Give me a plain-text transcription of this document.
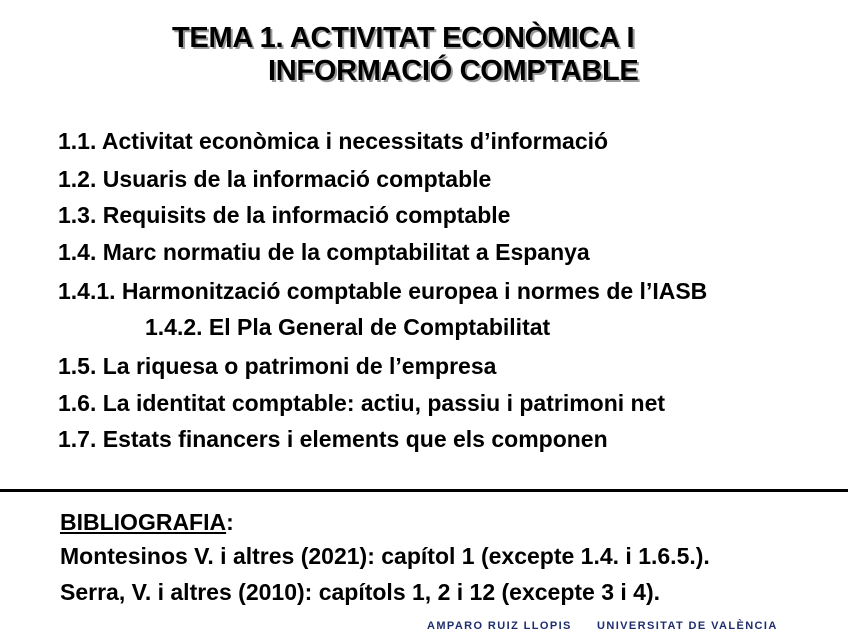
TEMA 1. ACTIVITAT ECONÒMICA I
INFORMACIÓ COMPTABLE
1.1. Activitat econòmica i necessitats d’informació
1.2. Usuaris de la informació comptable
1.3. Requisits de la informació comptable
1.4. Marc normatiu de la comptabilitat a Espanya
1.4.1. Harmonització comptable europea i normes de l’IASB
1.4.2. El Pla General de Comptabilitat
1.5. La riquesa o patrimoni de l’empresa
1.6. La identitat comptable: actiu, passiu i patrimoni net
1.7. Estats financers i elements que els componen
BIBLIOGRAFIA:
Montesinos V. i altres (2021): capítol 1 (excepte 1.4. i 1.6.5.).
Serra, V. i altres (2010): capítols 1, 2 i 12 (excepte 3 i 4).
AMPARO RUIZ LLOPIS UNIVERSITAT DE VALÈNCIA
